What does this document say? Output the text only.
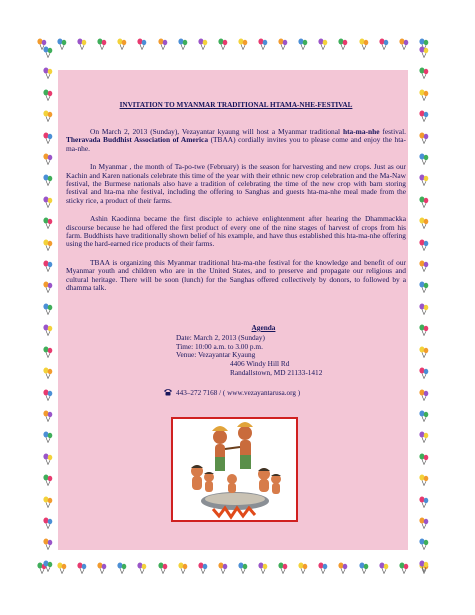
INVITATION TO MYANMAR TRADITIONAL HTAMA-NHE-FESTIVAL

On March 2, 2013 (Sunday), Vezayantar kyaung will host a Myanmar traditional hta-ma-nhe festival. Theravada Buddhist Association of America (TBAA) cordially invites you to please come and enjoy the hta-ma-nhe.

In Myanmar , the month of Ta-po-twe (February) is the season for harvesting and new crops. Just as our Kachin and Karen nationals celebrate this time of the year with their ethnic new crop celebration and the Ma-Naw festival, the Burmese nationals also have a tradition of celebrating the time of the new crop with barn storing festival and hta-ma nhe festival, including the offering to Sanghas and guests hta-ma-nhe meal made from the sticky rice, a product of their farms.

Ashin Kaodinna became the first disciple to achieve enlightenment after hearing the Dhammackka discourse because he had offered the first product of every one of the nine stages of harvest of crops from his farm. Buddhists have traditionally shown belief of his example, and have thus established this hta-ma-nhe offering using the hard-earned rice products of their farms.

TBAA is organizing this Myanmar traditional hta-ma-nhe festival for the knowledge and benefit of our Myanmar youth and children who are in the United States, and to preserve and propagate our religious and cultural heritage. There will be soon (lunch) for the Sanghas offered collectively by donors, to followed by a dhamma talk.

Agenda
Date: March 2, 2013 (Sunday)
Time: 10:00 a.m. to 3.00 p.m.
Venue: Vezayantar Kyaung
4406 Windy Hill Rd
Randallstown, MD 21133-1412
443–272 7168 / ( www.vezayantarusa.org )
